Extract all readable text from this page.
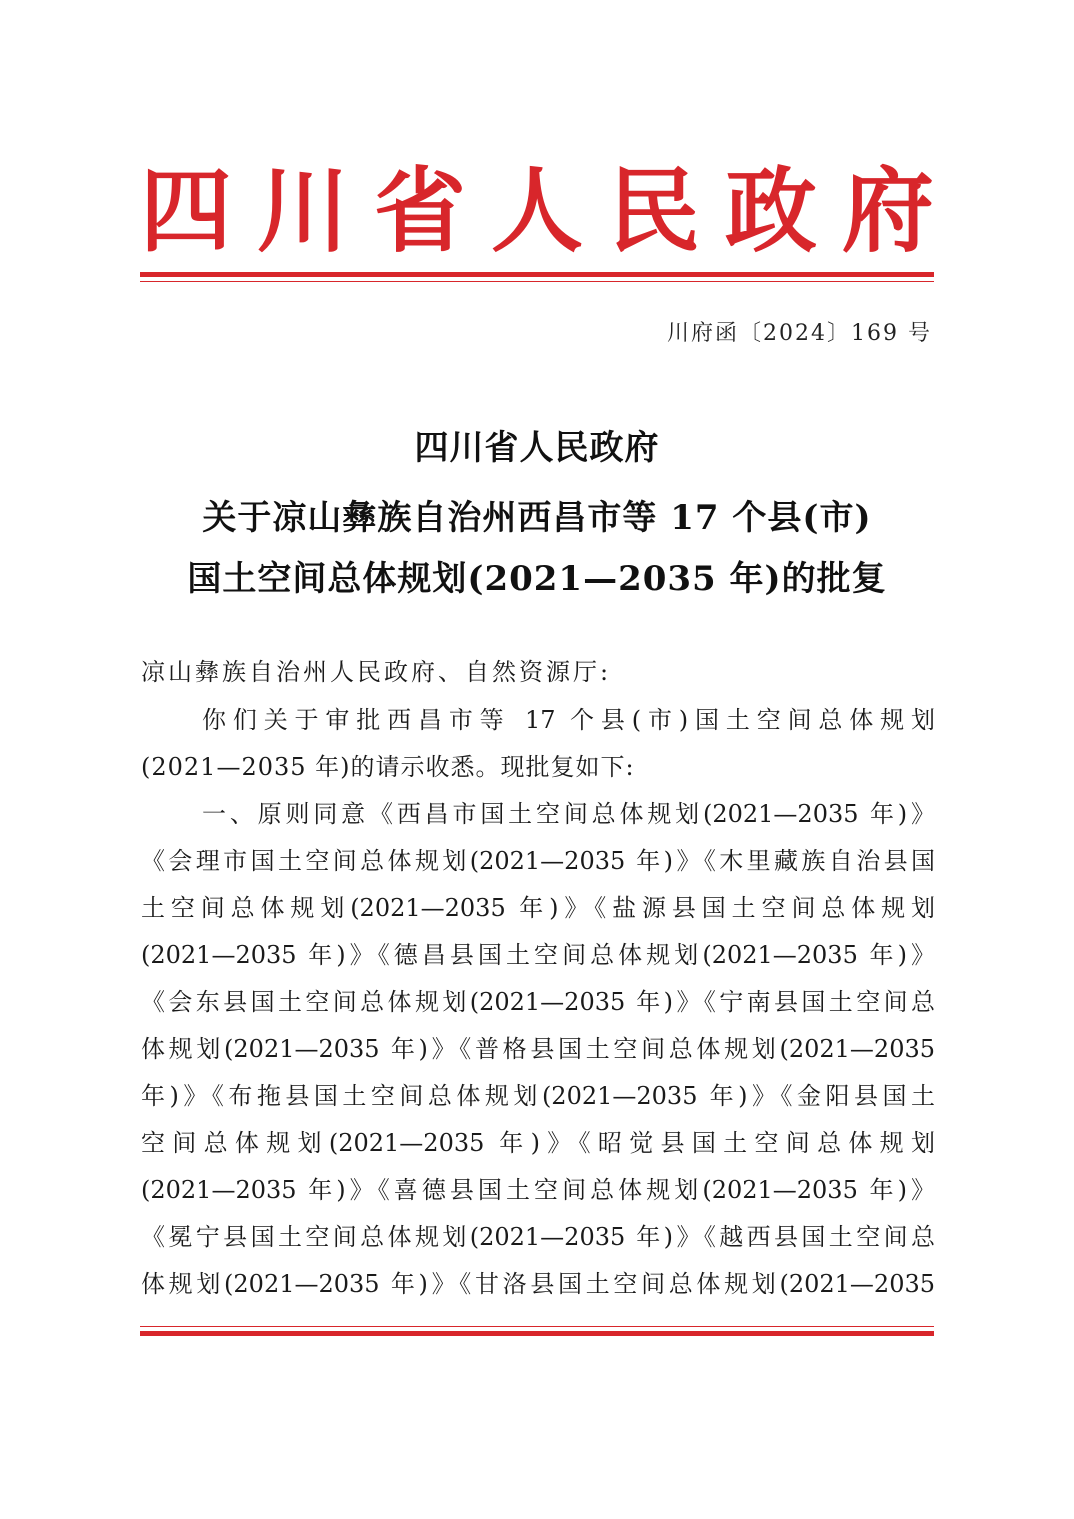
四 川 省 人 民 政 府
川府函〔2024〕169 号
四川省人民政府
关于凉山彝族自治州西昌市等 17 个县(市)
国土空间总体规划(2021—2035 年)的批复
凉山彝族自治州人民政府、自然资源厅:
你们关于审批西昌市等 17 个县(市)国土空间总体规划
(2021—2035 年)的请示收悉。现批复如下:
一、原则同意《西昌市国土空间总体规划(2021—2035 年)》
《会理市国土空间总体规划(2021—2035 年)》《木里藏族自治县国
土空间总体规划(2021—2035 年)》《盐源县国土空间总体规划
(2021—2035 年)》《德昌县国土空间总体规划(2021—2035 年)》
《会东县国土空间总体规划(2021—2035 年)》《宁南县国土空间总
体规划(2021—2035 年)》《普格县国土空间总体规划(2021—2035
年)》《布拖县国土空间总体规划(2021—2035 年)》《金阳县国土
空间总体规划(2021—2035 年)》《昭觉县国土空间总体规划
(2021—2035 年)》《喜德县国土空间总体规划(2021—2035 年)》
《冕宁县国土空间总体规划(2021—2035 年)》《越西县国土空间总
体规划(2021—2035 年)》《甘洛县国土空间总体规划(2021—2035
